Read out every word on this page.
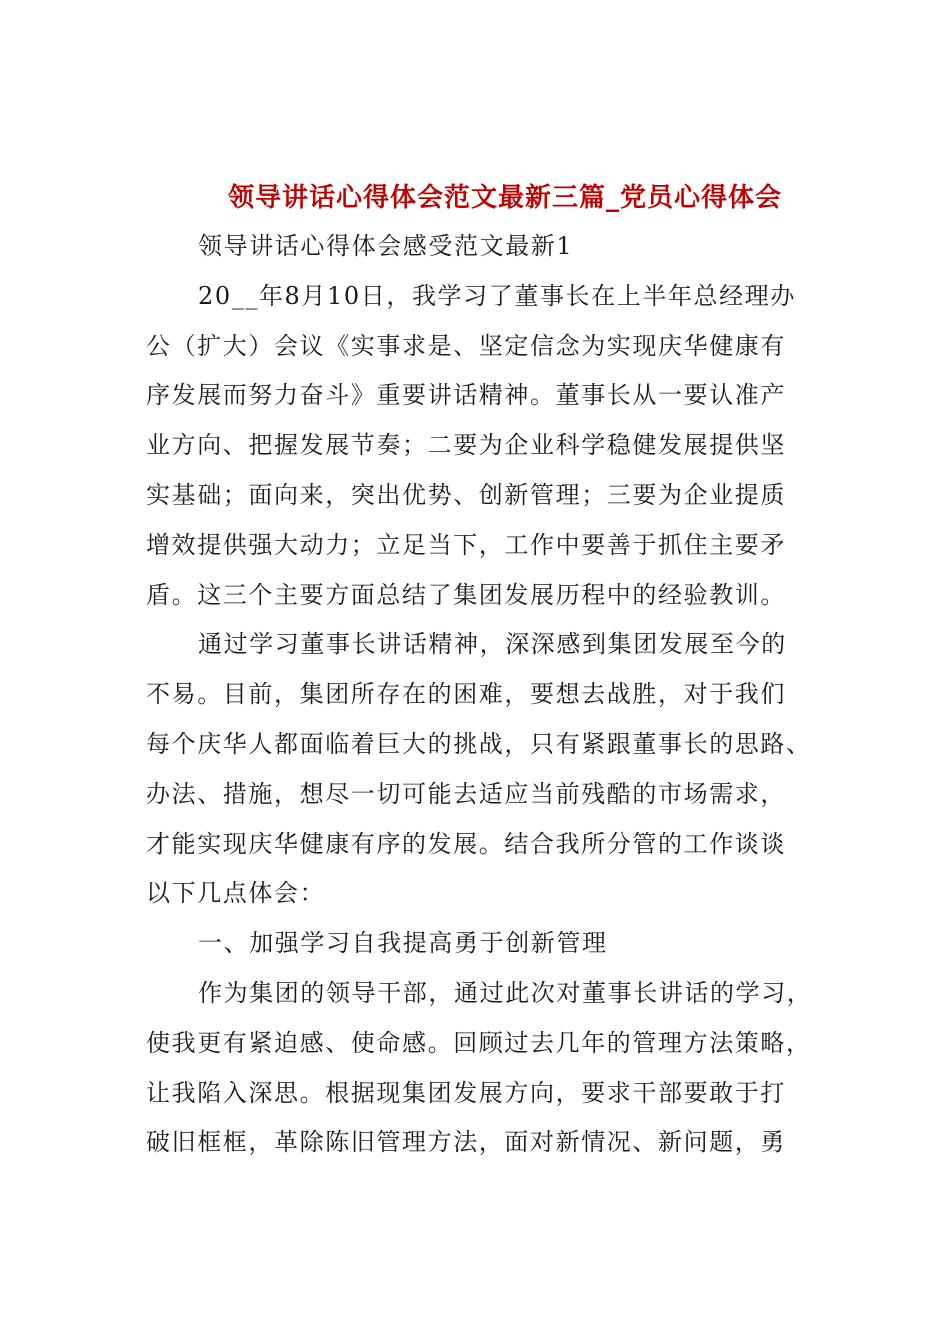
领导讲话心得体会范文最新三篇_党员心得体会
领导讲话心得体会感受范文最新1
20__年8月10日，我学习了董事长在上半年总经理办
公（扩大）会议《实事求是、坚定信念为实现庆华健康有
序发展而努力奋斗》重要讲话精神。董事长从一要认准产
业方向、把握发展节奏；二要为企业科学稳健发展提供坚
实基础；面向来，突出优势、创新管理；三要为企业提质
增效提供强大动力；立足当下，工作中要善于抓住主要矛
盾。这三个主要方面总结了集团发展历程中的经验教训。
通过学习董事长讲话精神，深深感到集团发展至今的
不易。目前，集团所存在的困难，要想去战胜，对于我们
每个庆华人都面临着巨大的挑战，只有紧跟董事长的思路、
办法、措施，想尽一切可能去适应当前残酷的市场需求，
才能实现庆华健康有序的发展。结合我所分管的工作谈谈
以下几点体会：
一、加强学习自我提高勇于创新管理
作为集团的领导干部，通过此次对董事长讲话的学习，
使我更有紧迫感、使命感。回顾过去几年的管理方法策略，
让我陷入深思。根据现集团发展方向，要求干部要敢于打
破旧框框，革除陈旧管理方法，面对新情况、新问题，勇
